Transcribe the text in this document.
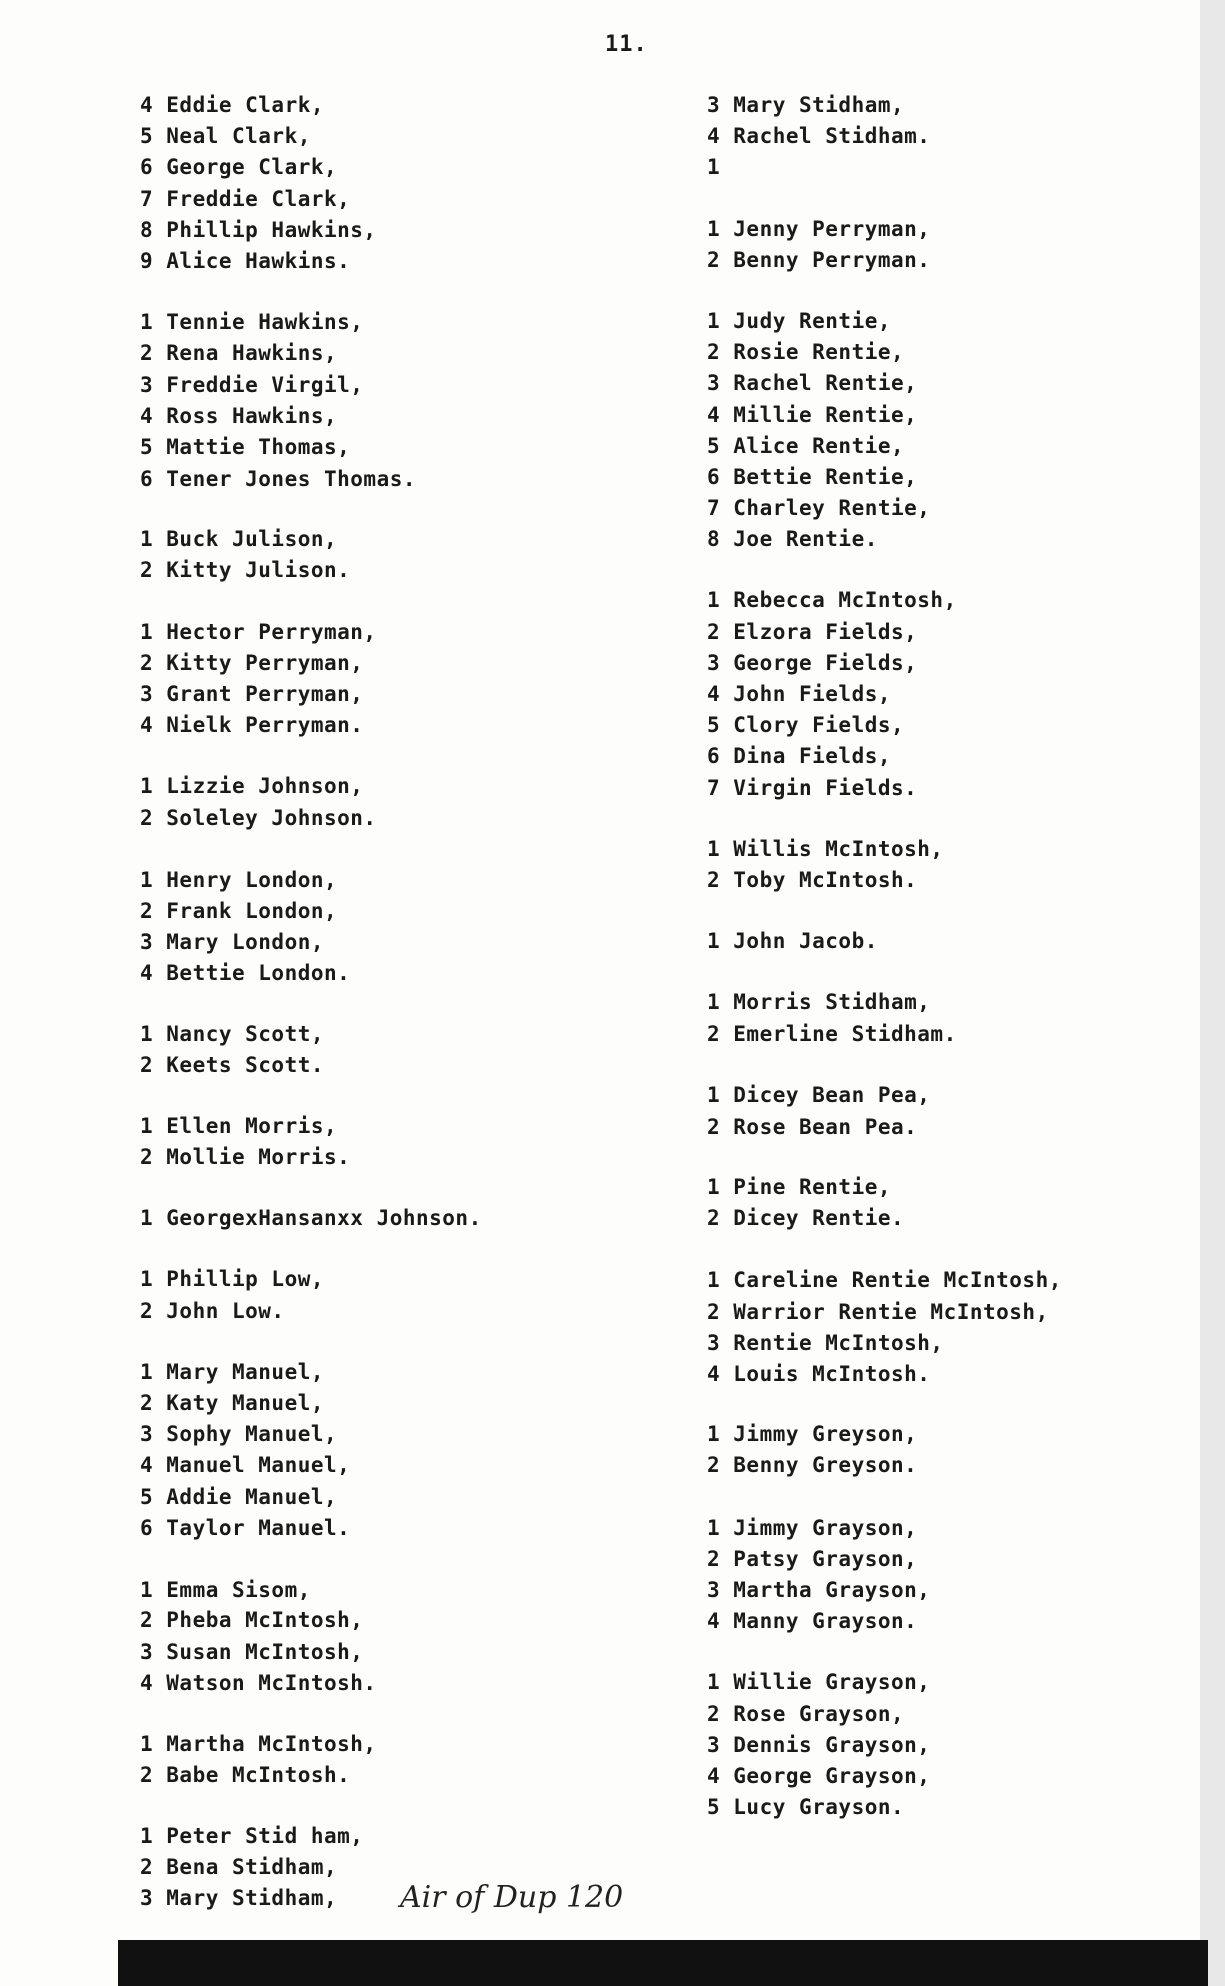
11.
4 Eddie Clark,
5 Neal Clark,
6 George Clark,
7 Freddie Clark,
8 Phillip Hawkins,
9 Alice Hawkins.
1 Tennie Hawkins,
2 Rena Hawkins,
3 Freddie Virgil,
4 Ross Hawkins,
5 Mattie Thomas,
6 Tener Jones Thomas.
1 Buck Julison,
2 Kitty Julison.
1 Hector Perryman,
2 Kitty Perryman,
3 Grant Perryman,
4 Nielk Perryman.
1 Lizzie Johnson,
2 Soleley Johnson.
1 Henry London,
2 Frank London,
3 Mary London,
4 Bettie London.
1 Nancy Scott,
2 Keets Scott.
1 Ellen Morris,
2 Mollie Morris.
1 GeorgexHansanxx Johnson.
1 Phillip Low,
2 John Low.
1 Mary Manuel,
2 Katy Manuel,
3 Sophy Manuel,
4 Manuel Manuel,
5 Addie Manuel,
6 Taylor Manuel.
1 Emma Sisom,
2 Pheba McIntosh,
3 Susan McIntosh,
4 Watson McIntosh.
1 Martha McIntosh,
2 Babe McIntosh.
1 Peter Stid ham,
2 Bena Stidham,
3 Mary Stidham,
3 Mary Stidham,
4 Rachel Stidham.
1
1 Jenny Perryman,
2 Benny Perryman.
1 Judy Rentie,
2 Rosie Rentie,
3 Rachel Rentie,
4 Millie Rentie,
5 Alice Rentie,
6 Bettie Rentie,
7 Charley Rentie,
8 Joe Rentie.
1 Rebecca McIntosh,
2 Elzora Fields,
3 George Fields,
4 John Fields,
5 Clory Fields,
6 Dina Fields,
7 Virgin Fields.
1 Willis McIntosh,
2 Toby McIntosh.
1 John Jacob.
1 Morris Stidham,
2 Emerline Stidham.
1 Dicey Bean Pea,
2 Rose Bean Pea.
1 Pine Rentie,
2 Dicey Rentie.
1 Careline Rentie McIntosh,
2 Warrior Rentie McIntosh,
3 Rentie McIntosh,
4 Louis McIntosh.
1 Jimmy Greyson,
2 Benny Greyson.
1 Jimmy Grayson,
2 Patsy Grayson,
3 Martha Grayson,
4 Manny Grayson.
1 Willie Grayson,
2 Rose Grayson,
3 Dennis Grayson,
4 George Grayson,
5 Lucy Grayson.
Air of Dup 120
